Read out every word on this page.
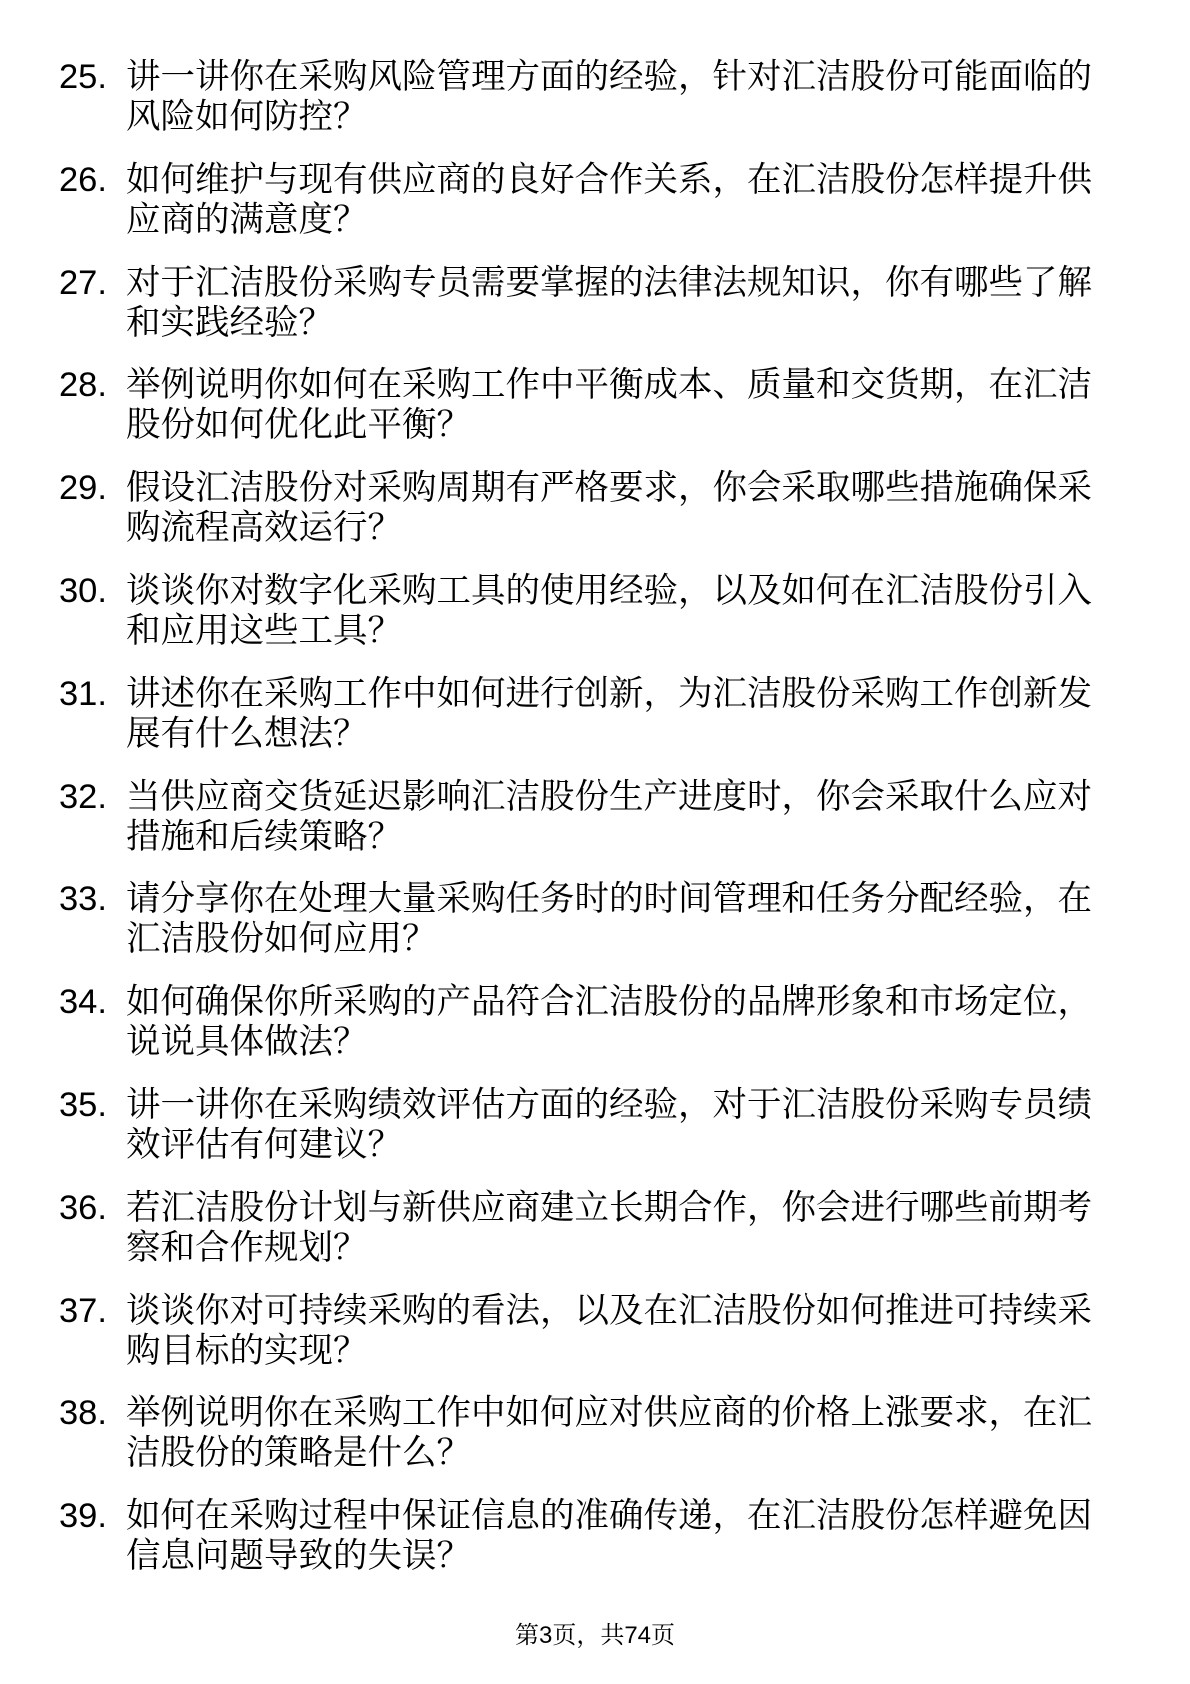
25. 讲一讲你在采购风险管理方面的经验，针对汇洁股份可能面临的
风险如何防控？
26. 如何维护与现有供应商的良好合作关系，在汇洁股份怎样提升供
应商的满意度？
27. 对于汇洁股份采购专员需要掌握的法律法规知识，你有哪些了解
和实践经验？
28. 举例说明你如何在采购工作中平衡成本、质量和交货期，在汇洁
股份如何优化此平衡？
29. 假设汇洁股份对采购周期有严格要求，你会采取哪些措施确保采
购流程高效运行？
30. 谈谈你对数字化采购工具的使用经验，以及如何在汇洁股份引入
和应用这些工具？
31. 讲述你在采购工作中如何进行创新，为汇洁股份采购工作创新发
展有什么想法？
32. 当供应商交货延迟影响汇洁股份生产进度时，你会采取什么应对
措施和后续策略？
33. 请分享你在处理大量采购任务时的时间管理和任务分配经验，在
汇洁股份如何应用？
34. 如何确保你所采购的产品符合汇洁股份的品牌形象和市场定位，
说说具体做法？
35. 讲一讲你在采购绩效评估方面的经验，对于汇洁股份采购专员绩
效评估有何建议？
36. 若汇洁股份计划与新供应商建立长期合作，你会进行哪些前期考
察和合作规划？
37. 谈谈你对可持续采购的看法，以及在汇洁股份如何推进可持续采
购目标的实现？
38. 举例说明你在采购工作中如何应对供应商的价格上涨要求，在汇
洁股份的策略是什么？
39. 如何在采购过程中保证信息的准确传递，在汇洁股份怎样避免因
信息问题导致的失误？
第3页，共74页
